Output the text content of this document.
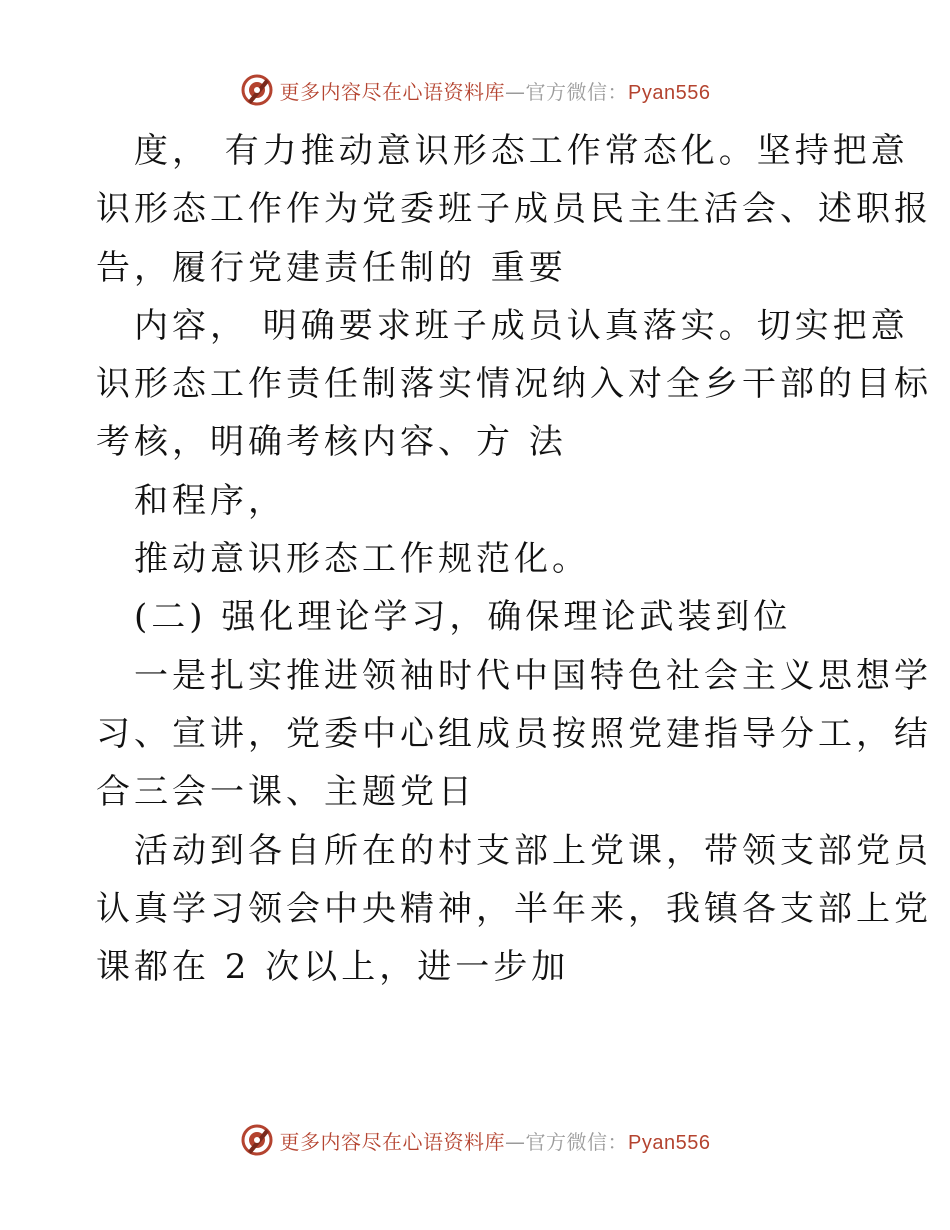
更多内容尽在心语资料库—官方微信：Pyan556
度， 有力推动意识形态工作常态化。坚持把意
识形态工作作为党委班子成员民主生活会、述职报
告，履行党建责任制的 重要
内容， 明确要求班子成员认真落实。切实把意
识形态工作责任制落实情况纳入对全乡干部的目标
考核，明确考核内容、方 法
和程序，
推动意识形态工作规范化。
(二) 强化理论学习，确保理论武装到位
一是扎实推进领袖时代中国特色社会主义思想学
习、宣讲，党委中心组成员按照党建指导分工，结
合三会一课、主题党日
活动到各自所在的村支部上党课，带领支部党员
认真学习领会中央精神，半年来，我镇各支部上党
课都在 2 次以上，进一步加
更多内容尽在心语资料库—官方微信：Pyan556
